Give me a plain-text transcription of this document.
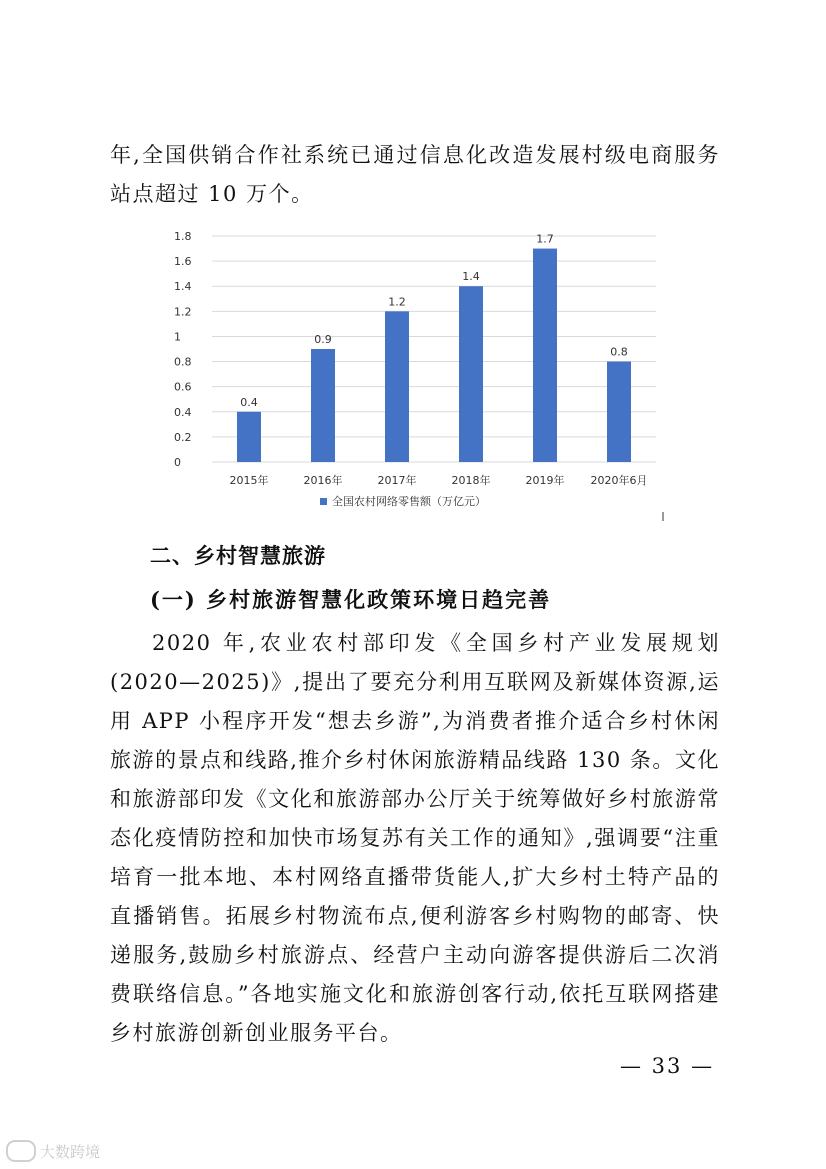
年,全国供销合作社系统已通过信息化改造发展村级电商服务站点超过 10 万个。

0
0.2
0.4
0.6
0.8
1
1.2
1.4
1.6
1.8
0.4
2015年
0.9
2016年
1.2
2017年
1.4
2018年
1.7
2019年
0.8
2020年6月
全国农村网络零售额（万亿元）

二、乡村智慧旅游

(一) 乡村旅游智慧化政策环境日趋完善

2020 年,农业农村部印发《全国乡村产业发展规划(2020—2025)》,提出了要充分利用互联网及新媒体资源,运用 APP 小程序开发“想去乡游”,为消费者推介适合乡村休闲旅游的景点和线路,推介乡村休闲旅游精品线路 130 条。文化和旅游部印发《文化和旅游部办公厅关于统筹做好乡村旅游常态化疫情防控和加快市场复苏有关工作的通知》,强调要“注重培育一批本地、本村网络直播带货能人,扩大乡村土特产品的直播销售。拓展乡村物流布点,便利游客乡村购物的邮寄、快递服务,鼓励乡村旅游点、经营户主动向游客提供游后二次消费联络信息。”各地实施文化和旅游创客行动,依托互联网搭建乡村旅游创新创业服务平台。

— 33 —
大数跨境
